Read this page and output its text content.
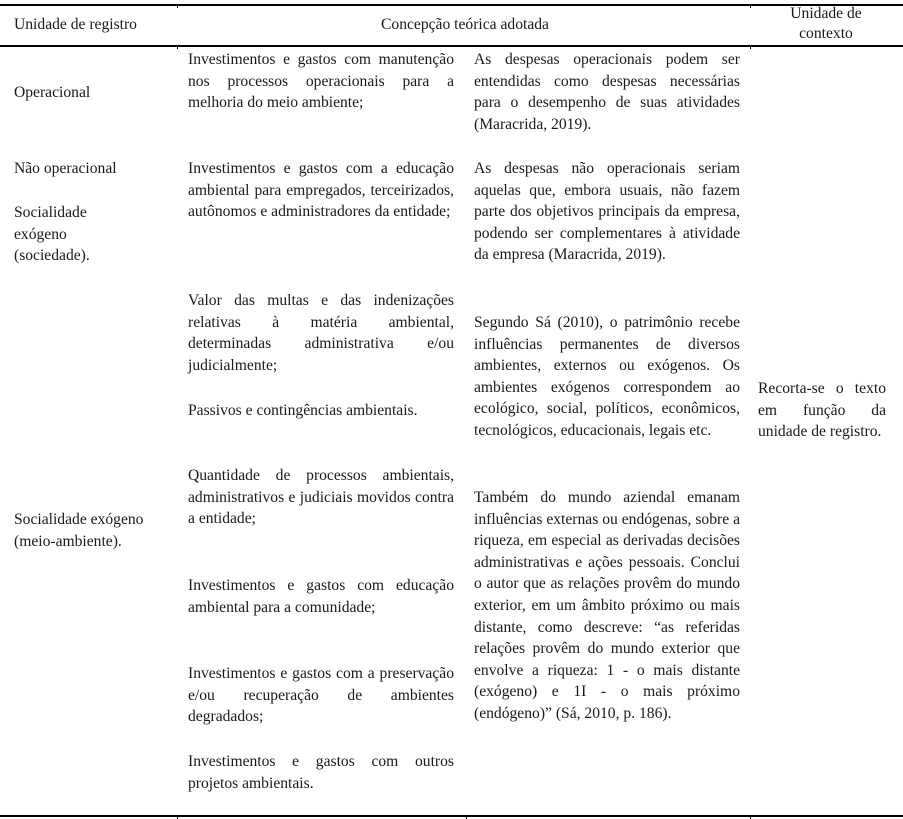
Unidade de registro	Concepção teórica adotada
Unidade de
contexto
Operacional
Não operacional
Socialidade exógeno (sociedade).
Socialidade exógeno (meio-ambiente).
Investimentos e gastos com manutenção nos processos operacionais para a melhoria do meio ambiente;
Investimentos e gastos com a educação ambiental para empregados, terceirizados, autônomos e administradores da entidade;
Valor das multas e das indenizações relativas à matéria ambiental, determinadas administrativa e/ou judicialmente;
Passivos e contingências ambientais.
Quantidade de processos ambientais, administrativos e judiciais movidos contra a entidade;
Investimentos e gastos com educação ambiental para a comunidade;
Investimentos e gastos com a preservação e/ou recuperação de ambientes degradados;
Investimentos e gastos com outros projetos ambientais.
As despesas operacionais podem ser entendidas como despesas necessárias para o desempenho de suas atividades (Maracrida, 2019).
As despesas não operacionais seriam aquelas que, embora usuais, não fazem parte dos objetivos principais da empresa, podendo ser complementares à atividade da empresa (Maracrida, 2019).
Segundo Sá (2010), o patrimônio recebe influências permanentes de diversos ambientes, externos ou exógenos. Os ambientes exógenos correspondem ao ecológico, social, políticos, econômicos, tecnológicos, educacionais, legais etc.
Também do mundo aziendal emanam influências externas ou endógenas, sobre a riqueza, em especial as derivadas decisões administrativas e ações pessoais. Conclui o autor que as relações provêm do mundo exterior, em um âmbito próximo ou mais distante, como descreve: “as referidas relações provêm do mundo exterior que envolve a riqueza: 1 - o mais distante (exógeno) e 1I - o mais próximo (endógeno)” (Sá, 2010, p. 186).
Recorta-se o texto em função da unidade de registro.
